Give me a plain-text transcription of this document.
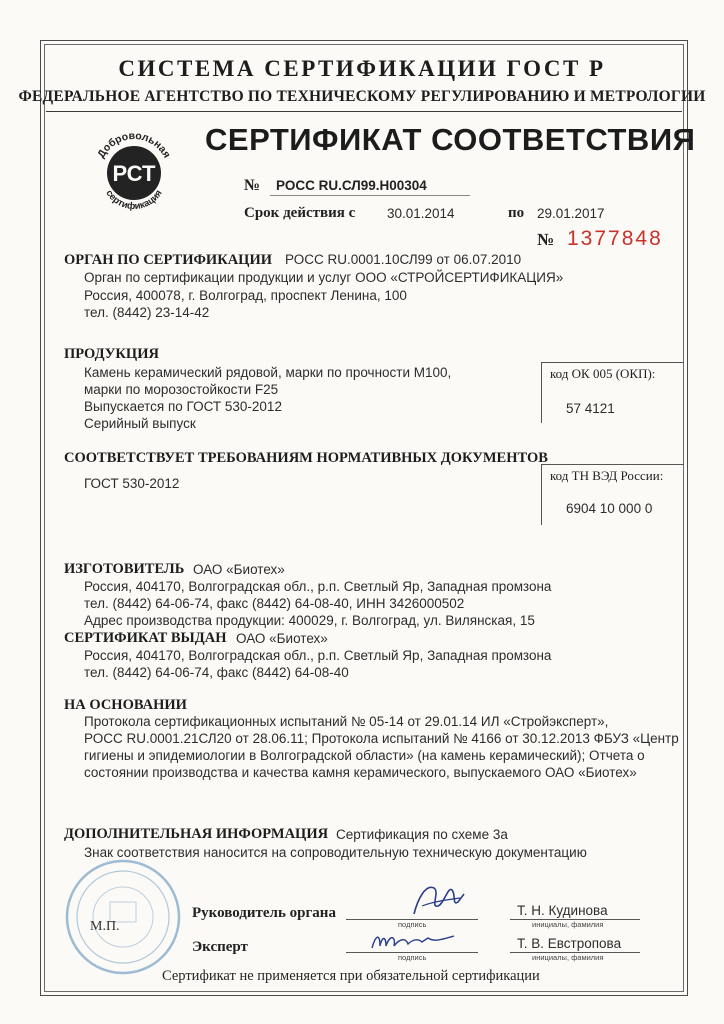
СИСТЕМА СЕРТИФИКАЦИИ ГОСТ Р
ФЕДЕРАЛЬНОЕ АГЕНТСТВО ПО ТЕХНИЧЕСКОМУ РЕГУЛИРОВАНИЮ И МЕТРОЛОГИИ
Добровольная
сертификация
РСТ
СЕРТИФИКАТ СООТВЕТСТВИЯ
№ РОСС RU.СЛ99.Н00304
Срок действия с 30.01.2014	по 29.01.2017
№ 1377848
ОРГАН ПО СЕРТИФИКАЦИИ РОСС RU.0001.10СЛ99 от 06.07.2010
Орган по сертификации продукции и услуг ООО «СТРОЙСЕРТИФИКАЦИЯ»
Россия, 400078, г. Волгоград, проспект Ленина, 100
тел. (8442) 23-14-42
ПРОДУКЦИЯ
Камень керамический рядовой, марки по прочности М100,
марки по морозостойкости F25
Выпускается по ГОСТ 530-2012
Серийный выпуск
код ОК 005 (ОКП):
57 4121
СООТВЕТСТВУЕТ ТРЕБОВАНИЯМ НОРМАТИВНЫХ ДОКУМЕНТОВ
ГОСТ 530-2012
код ТН ВЭД России:
6904 10 000 0
ИЗГОТОВИТЕЛЬ ОАО «Биотех»
Россия, 404170, Волгоградская обл., р.п. Светлый Яр, Западная промзона
тел. (8442) 64-06-74, факс (8442) 64-08-40, ИНН 3426000502
Адрес производства продукции: 400029, г. Волгоград, ул. Вилянская, 15
СЕРТИФИКАТ ВЫДАН ОАО «Биотех»
Россия, 404170, Волгоградская обл., р.п. Светлый Яр, Западная промзона
тел. (8442) 64-06-74, факс (8442) 64-08-40
НА ОСНОВАНИИ
Протокола сертификационных испытаний № 05-14 от 29.01.14 ИЛ «Стройэксперт»,
РОСС RU.0001.21СЛ20 от 28.06.11; Протокола испытаний № 4166 от 30.12.2013 ФБУЗ «Центр
гигиены и эпидемиологии в Волгоградской области» (на камень керамический); Отчета о
состоянии производства и качества камня керамического, выпускаемого ОАО «Биотех»
ДОПОЛНИТЕЛЬНАЯ ИНФОРМАЦИЯ Сертификация по схеме 3а
Знак соответствия наносится на сопроводительную техническую документацию
М.П.
Руководитель органа
подпись
Т. Н. Кудинова
инициалы, фамилия
Эксперт
подпись
Т. В. Евстропова
инициалы, фамилия
Сертификат не применяется при обязательной сертификации
